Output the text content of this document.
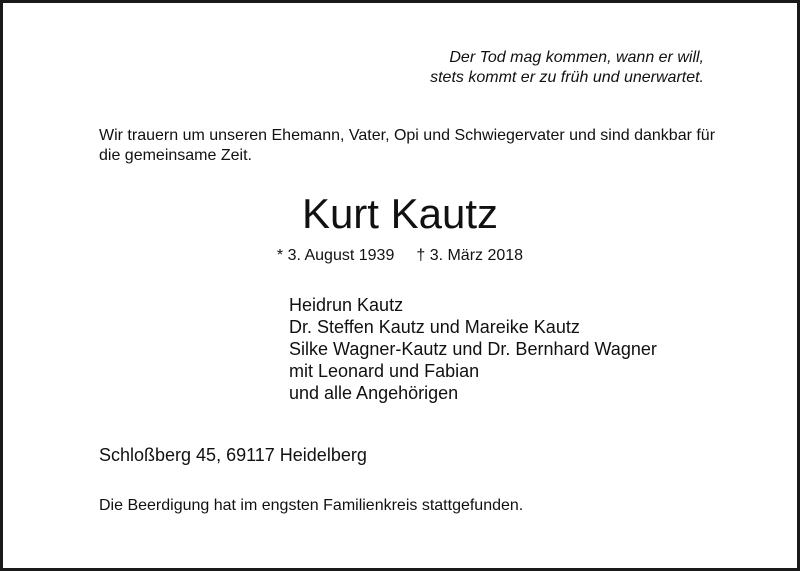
Der Tod mag kommen, wann er will,
stets kommt er zu früh und unerwartet.
Wir trauern um unseren Ehemann, Vater, Opi und Schwiegervater und sind dankbar für die gemeinsame Zeit.
Kurt Kautz
* 3. August 1939 † 3. März 2018
Heidrun Kautz
Dr. Steffen Kautz und Mareike Kautz
Silke Wagner-Kautz und Dr. Bernhard Wagner
mit Leonard und Fabian
und alle Angehörigen
Schloßberg 45, 69117 Heidelberg
Die Beerdigung hat im engsten Familienkreis stattgefunden.
